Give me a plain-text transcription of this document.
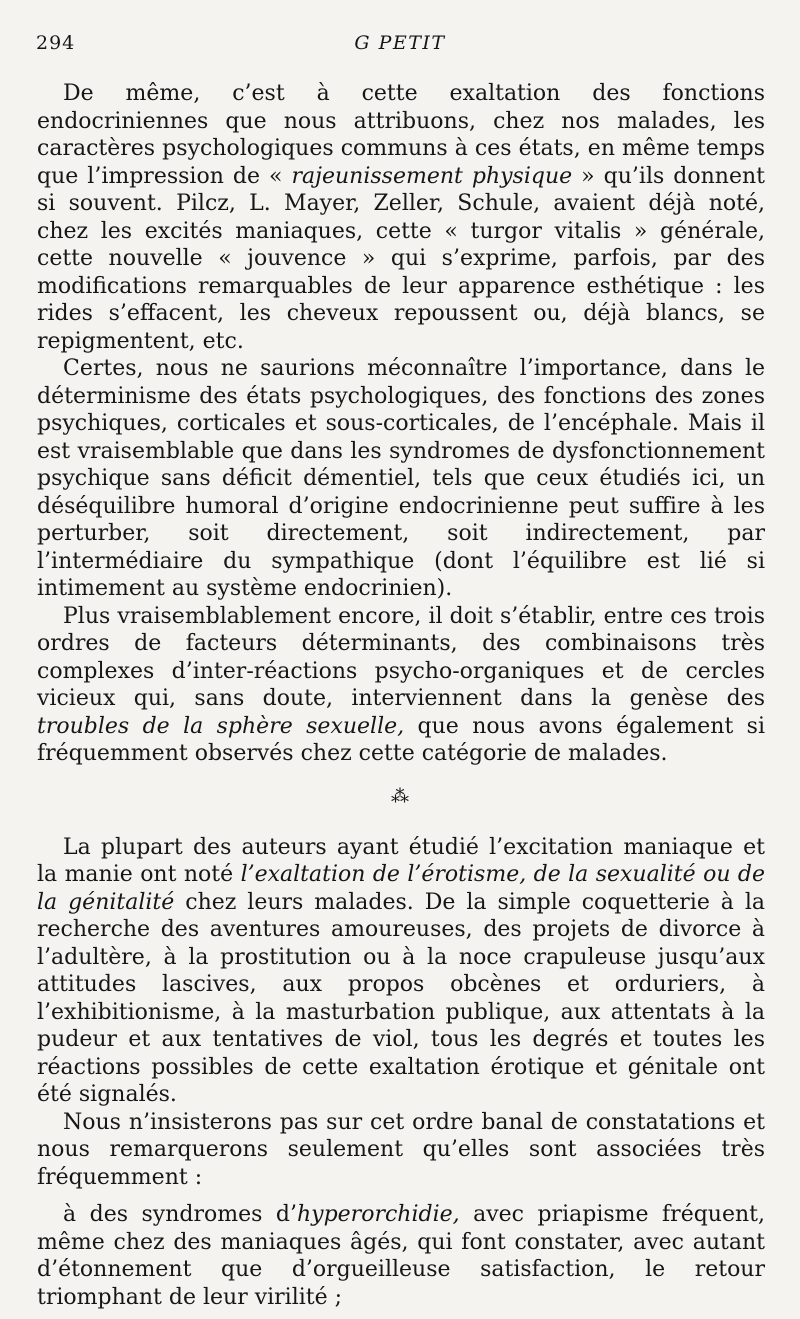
294	G PETIT

De même, c’est à cette exaltation des fonctions endocriniennes que nous attribuons, chez nos malades, les caractères psychologiques communs à ces états, en même temps que l’impression de « rajeunissement physique » qu’ils donnent si souvent. Pilcz, L. Mayer, Zeller, Schule, avaient déjà noté, chez les excités maniaques, cette « turgor vitalis » générale, cette nouvelle « jouvence » qui s’exprime, parfois, par des modifications remarquables de leur apparence esthétique : les rides s’effacent, les cheveux repoussent ou, déjà blancs, se repigmentent, etc.

Certes, nous ne saurions méconnaître l’importance, dans le déterminisme des états psychologiques, des fonctions des zones psychiques, corticales et sous-corticales, de l’encéphale. Mais il est vraisemblable que dans les syndromes de dysfonctionnement psychique sans déficit démentiel, tels que ceux étudiés ici, un déséquilibre humoral d’origine endocrinienne peut suffire à les perturber, soit directement, soit indirectement, par l’intermédiaire du sympathique (dont l’équilibre est lié si intimement au système endocrinien).

Plus vraisemblablement encore, il doit s’établir, entre ces trois ordres de facteurs déterminants, des combinaisons très complexes d’inter-réactions psycho-organiques et de cercles vicieux qui, sans doute, interviennent dans la genèse des troubles de la sphère sexuelle, que nous avons également si fréquemment observés chez cette catégorie de malades.

⁂

La plupart des auteurs ayant étudié l’excitation maniaque et la manie ont noté l’exaltation de l’érotisme, de la sexualité ou de la génitalité chez leurs malades. De la simple coquetterie à la recherche des aventures amoureuses, des projets de divorce à l’adultère, à la prostitution ou à la noce crapuleuse jusqu’aux attitudes lascives, aux propos obcènes et orduriers, à l’exhibitionisme, à la masturbation publique, aux attentats à la pudeur et aux tentatives de viol, tous les degrés et toutes les réactions possibles de cette exaltation érotique et génitale ont été signalés.

Nous n’insisterons pas sur cet ordre banal de constatations et nous remarquerons seulement qu’elles sont associées très fréquemment :

à des syndromes d’hyperorchidie, avec priapisme fréquent, même chez des maniaques âgés, qui font constater, avec autant d’étonnement que d’orgueilleuse satisfaction, le retour triomphant de leur virilité ;
